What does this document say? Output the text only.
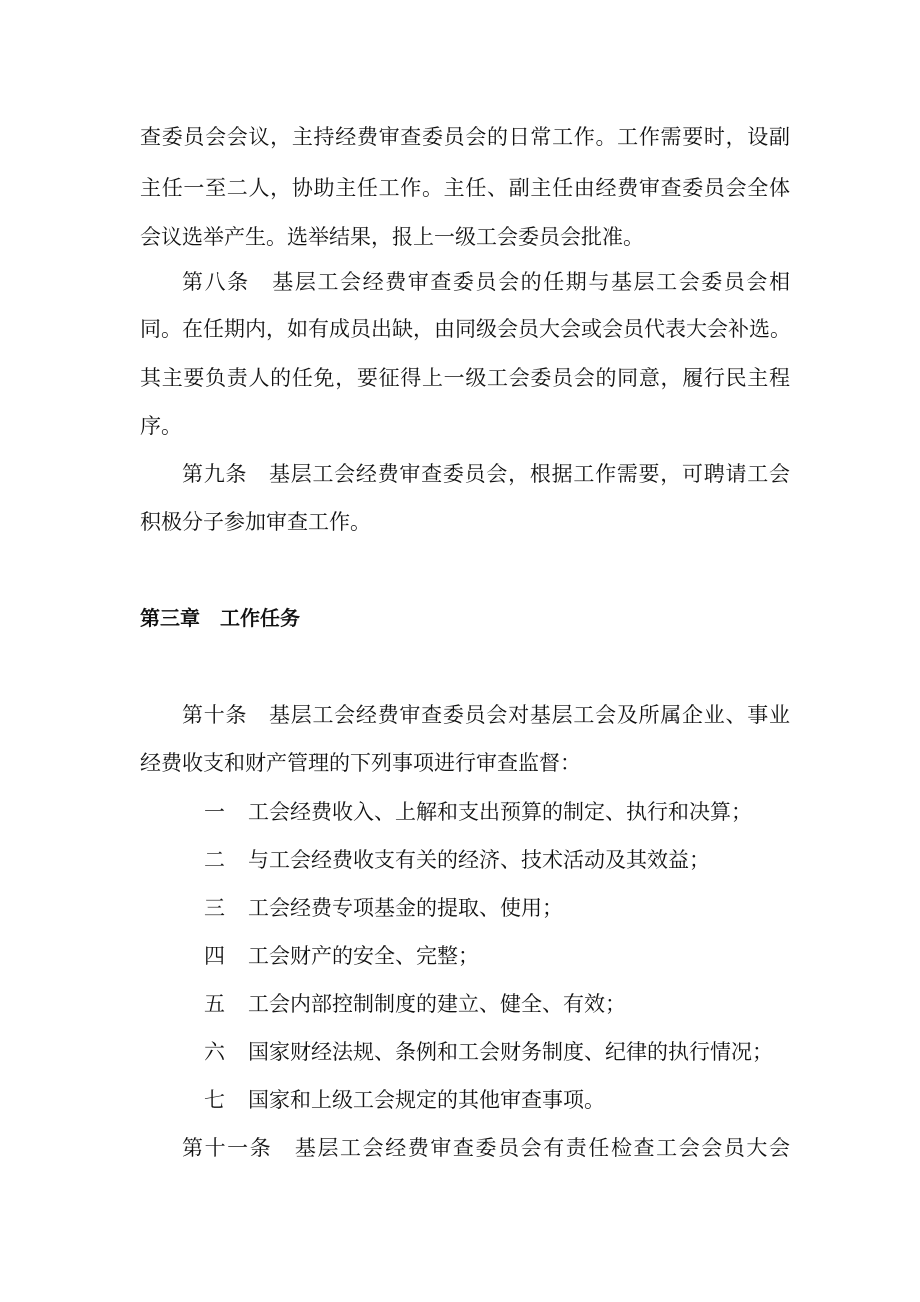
查委员会会议，主持经费审查委员会的日常工作。工作需要时，设副
主任一至二人，协助主任工作。主任、副主任由经费审查委员会全体
会议选举产生。选举结果，报上一级工会委员会批准。
第八条　基层工会经费审查委员会的任期与基层工会委员会相
同。在任期内，如有成员出缺，由同级会员大会或会员代表大会补选。
其主要负责人的任免，要征得上一级工会委员会的同意，履行民主程
序。
第九条　基层工会经费审查委员会，根据工作需要，可聘请工会
积极分子参加审查工作。
第三章　工作任务
第十条　基层工会经费审查委员会对基层工会及所属企业、事业
经费收支和财产管理的下列事项进行审查监督：
一 工会经费收入、上解和支出预算的制定、执行和决算；
二 与工会经费收支有关的经济、技术活动及其效益；
三 工会经费专项基金的提取、使用；
四 工会财产的安全、完整；
五 工会内部控制制度的建立、健全、有效；
六 国家财经法规、条例和工会财务制度、纪律的执行情况；
七 国家和上级工会规定的其他审查事项。
第十一条　基层工会经费审查委员会有责任检查工会会员大会
